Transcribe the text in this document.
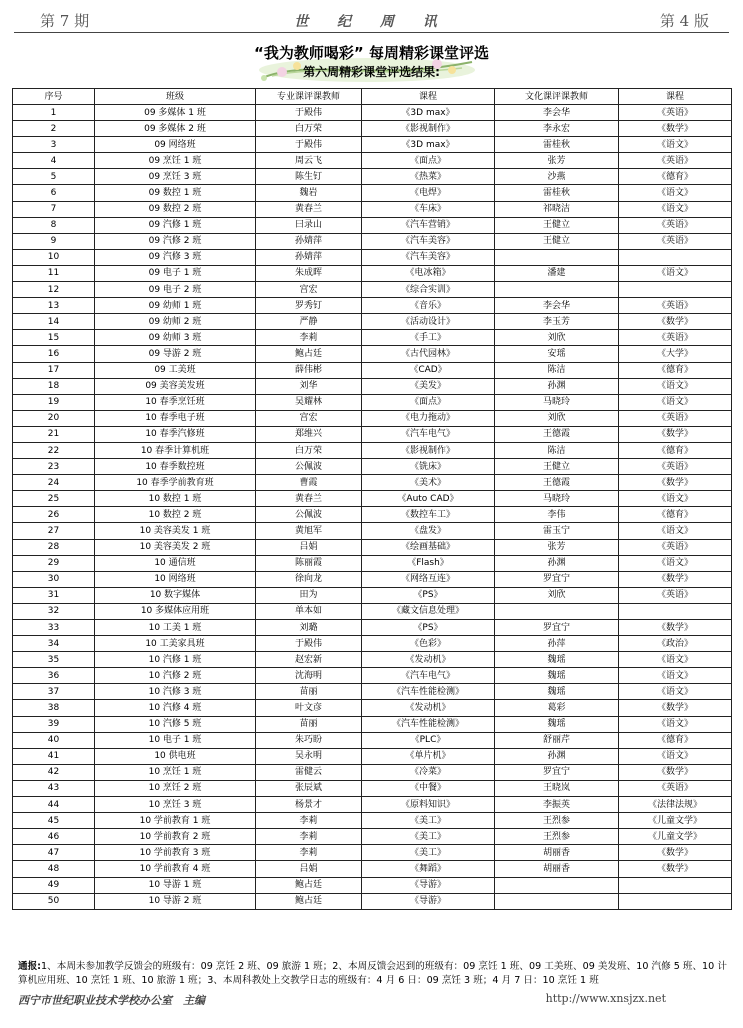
第 7 期	世 纪 周 讯	第 4 版
“我为教师喝彩” 每周精彩课堂评选
第六周精彩课堂评选结果:
序号	班级	专业课评课教师	课程	文化课评课教师	课程
1	09 多媒体 1 班	于殿伟	《3D max》	李会华	《英语》
2	09 多媒体 2 班	白万荣	《影视制作》	李永宏	《数学》
3	09 网络班	于殿伟	《3D max》	雷桂秋	《语文》
4	09 烹饪 1 班	周云飞	《面点》	张芳	《英语》
5	09 烹饪 3 班	陈生钉	《热菜》	沙燕	《德育》
6	09 数控 1 班	魏岩	《电焊》	雷桂秋	《语文》
7	09 数控 2 班	黄春兰	《车床》	祁晓洁	《语文》
8	09 汽修 1 班	曰录山	《汽车营销》	王健立	《英语》
9	09 汽修 2 班	孙婧萍	《汽车美容》	王健立	《英语》
10	09 汽修 3 班	孙婧萍	《汽车美容》		
11	09 电子 1 班	朱成晖	《电冰箱》	潘建	《语文》
12	09 电子 2 班	宫宏	《综合实训》		
13	09 幼师 1 班	罗秀钉	《音乐》	李会华	《英语》
14	09 幼师 2 班	严静	《活动设计》	李玉芳	《数学》
15	09 幼师 3 班	李莉	《手工》	刘欣	《英语》
16	09 导游 2 班	鲍占廷	《古代园林》	安瑶	《大学》
17	09 工美班	薛伟彬	《CAD》	陈洁	《德育》
18	09 美容美发班	刘华	《美发》	孙渊	《语文》
19	10 春季烹饪班	吴耀林	《面点》	马晓玲	《语文》
20	10 春季电子班	宫宏	《电力拖动》	刘欣	《英语》
21	10 春季汽修班	郑维兴	《汽车电气》	王德霞	《数学》
22	10 春季计算机班	白万荣	《影视制作》	陈洁	《德育》
23	10 春季数控班	公佩波	《铣床》	王健立	《英语》
24	10 春季学前教育班	曹霞	《美术》	王德霞	《数学》
25	10 数控 1 班	黄春兰	《Auto CAD》	马晓玲	《语文》
26	10 数控 2 班	公佩波	《数控车工》	李伟	《德育》
27	10 美容美发 1 班	黄旭军	《盘发》	雷玉宁	《语文》
28	10 美容美发 2 班	吕娟	《绘画基础》	张芳	《英语》
29	10 通信班	陈丽霞	《Flash》	孙渊	《语文》
30	10 网络班	徐向龙	《网络互连》	罗宜宁	《数学》
31	10 数字媒体	田为	《PS》	刘欣	《英语》
32	10 多媒体应用班	单本如	《藏文信息处理》		
33	10 工美 1 班	刘璐	《PS》	罗宜宁	《数学》
34	10 工美家具班	于殿伟	《色彩》	孙萍	《政治》
35	10 汽修 1 班	赵宏新	《发动机》	魏瑶	《语文》
36	10 汽修 2 班	沈海明	《汽车电气》	魏瑶	《语文》
37	10 汽修 3 班	苗丽	《汽车性能检测》	魏瑶	《语文》
38	10 汽修 4 班	叶文彦	《发动机》	葛彩	《数学》
39	10 汽修 5 班	苗丽	《汽车性能检测》	魏瑶	《语文》
40	10 电子 1 班	朱巧盼	《PLC》	舒丽芹	《德育》
41	10 供电班	吴永明	《单片机》	孙渊	《语文》
42	10 烹饪 1 班	雷健云	《冷菜》	罗宜宁	《数学》
43	10 烹饪 2 班	张辰斌	《中餐》	王晓岚	《英语》
44	10 烹饪 3 班	杨景才	《原料知识》	李振英	《法律法规》
45	10 学前教育 1 班	李莉	《美工》	王烈参	《儿童文学》
46	10 学前教育 2 班	李莉	《美工》	王烈参	《儿童文学》
47	10 学前教育 3 班	李莉	《美工》	胡丽香	《数学》
48	10 学前教育 4 班	吕娟	《舞蹈》	胡丽香	《数学》
49	10 导游 1 班	鲍占廷	《导游》		
50	10 导游 2 班	鲍占廷	《导游》		
通报:1、本周未参加教学反馈会的班级有：09 烹饪 2 班、09 旅游 1 班；2、本周反馈会迟到的班级有：09 烹饪 1 班、09 工美班、09 美发班、10 汽修 5 班、10 计算机应用班、10 烹饪 1 班、10 旅游 1 班；3、本周科教处上交教学日志的班级有：4 月 6 日：09 烹饪 3 班；4 月 7 日：10 烹饪 1 班
西宁市世纪职业技术学校办公室　主编	http://www.xnsjzx.net
